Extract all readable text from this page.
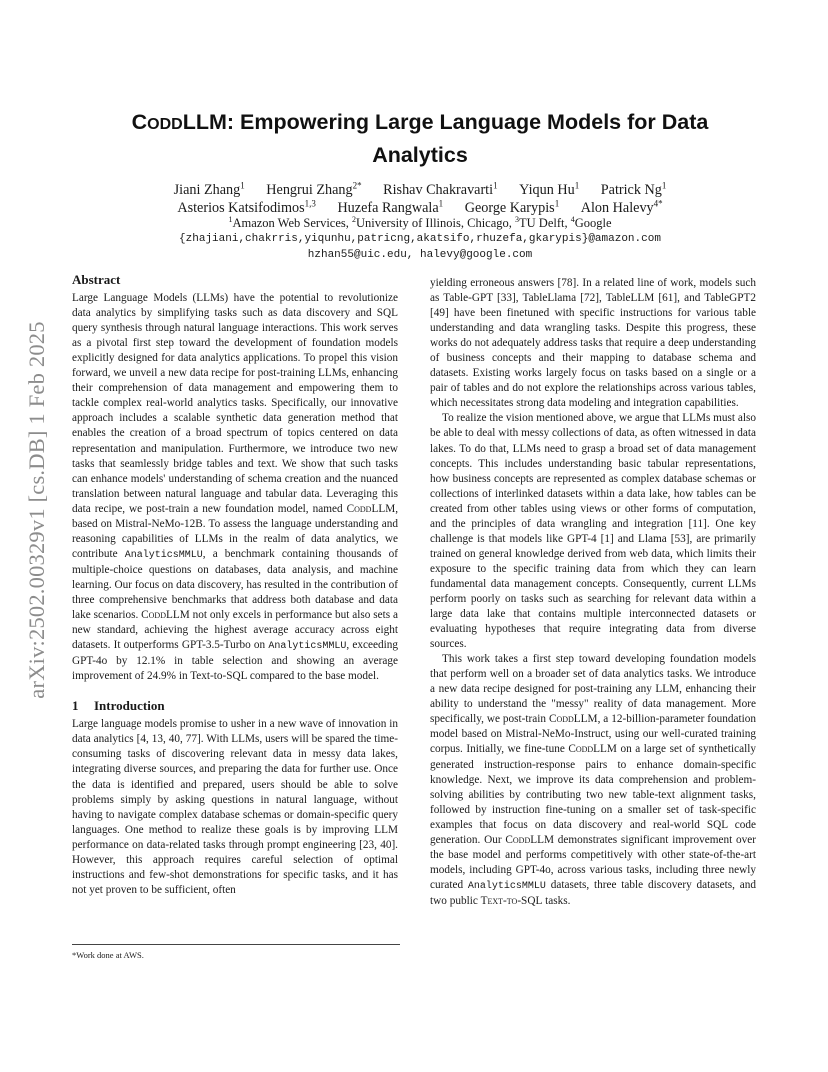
arXiv:2502.00329v1 [cs.DB] 1 Feb 2025
CODDLLM: Empowering Large Language Models for Data
Analytics
Jiani Zhang$^1$ Hengrui Zhang$^{2*}$ Rishav Chakravarti$^1$ Yiqun Hu$^1$ Patrick Ng$^1$
Asterios Katsifodimos$^{1,3}$ Huzefa Rangwala$^1$ George Karypis$^1$ Alon Halevy$^{4*}$
$^1$Amazon Web Services, $^2$University of Illinois, Chicago, $^3$TU Delft, $^4$Google
{zhajiani,chakrris,yiqunhu,patricng,akatsifo,rhuzefa,gkarypis}@amazon.com
hzhan55@uic.edu, halevy@google.com
Abstract

Large Language Models (LLMs) have the potential to revolutionize data analytics by simplifying tasks such as data discovery and SQL query synthesis through natural language interactions. This work serves as a pivotal first step toward the development of foundation models explicitly designed for data analytics applications. To propel this vision forward, we unveil a new data recipe for post-training LLMs, enhancing their comprehension of data management and empowering them to tackle complex real-world analytics tasks. Specifically, our innovative approach includes a scalable synthetic data generation method that enables the creation of a broad spectrum of topics centered on data representation and manipulation. Furthermore, we introduce two new tasks that seamlessly bridge tables and text. We show that such tasks can enhance models' understanding of schema creation and the nuanced translation between natural language and tabular data. Leveraging this data recipe, we post-train a new foundation model, named CoddLLM, based on Mistral-NeMo-12B. To assess the language understanding and reasoning capabilities of LLMs in the realm of data analytics, we contribute AnalyticsMMLU, a benchmark containing thousands of multiple-choice questions on databases, data analysis, and machine learning. Our focus on data discovery, has resulted in the contribution of three comprehensive benchmarks that address both database and data lake scenarios. CoddLLM not only excels in performance but also sets a new standard, achieving the highest average accuracy across eight datasets. It outperforms GPT-3.5-Turbo on AnalyticsMMLU, exceeding GPT-4o by 12.1% in table selection and showing an average improvement of 24.9% in Text-to-SQL compared to the base model.

1 Introduction

Large language models promise to usher in a new wave of innovation in data analytics [4, 13, 40, 77]. With LLMs, users will be spared the time-consuming tasks of discovering relevant data in messy data lakes, integrating diverse sources, and preparing the data for further use. Once the data is identified and prepared, users should be able to solve problems simply by asking questions in natural language, without having to navigate complex database schemas or domain-specific query languages. One method to realize these goals is by improving LLM performance on data-related tasks through prompt engineering [23, 40]. However, this approach requires careful selection of optimal instructions and few-shot demonstrations for specific tasks, and it has not yet proven to be sufficient, often

yielding erroneous answers [78]. In a related line of work, models such as Table-GPT [33], TableLlama [72], TableLLM [61], and TableGPT2 [49] have been finetuned with specific instructions for various table understanding and data wrangling tasks. Despite this progress, these works do not adequately address tasks that require a deep understanding of business concepts and their mapping to database schema and datasets. Existing works largely focus on tasks based on a single or a pair of tables and do not explore the relationships across various tables, which necessitates strong data modeling and integration capabilities.

To realize the vision mentioned above, we argue that LLMs must also be able to deal with messy collections of data, as often witnessed in data lakes. To do that, LLMs need to grasp a broad set of data management concepts. This includes understanding basic tabular representations, how business concepts are represented as complex database schemas or collections of interlinked datasets within a data lake, how tables can be created from other tables using views or other forms of computation, and the principles of data wrangling and integration [11]. One key challenge is that models like GPT-4 [1] and Llama [53], are primarily trained on general knowledge derived from web data, which limits their exposure to the specific training data from which they can learn fundamental data management concepts. Consequently, current LLMs perform poorly on tasks such as searching for relevant data within a large data lake that contains multiple interconnected datasets or evaluating hypotheses that require integrating data from diverse sources.

This work takes a first step toward developing foundation models that perform well on a broader set of data analytics tasks. We introduce a new data recipe designed for post-training any LLM, enhancing their ability to understand the "messy" reality of data management. More specifically, we post-train CoddLLM, a 12-billion-parameter foundation model based on Mistral-NeMo-Instruct, using our well-curated training corpus. Initially, we fine-tune CoddLLM on a large set of synthetically generated instruction-response pairs to enhance domain-specific knowledge. Next, we improve its data comprehension and problem-solving abilities by contributing two new table-text alignment tasks, followed by instruction fine-tuning on a smaller set of task-specific examples that focus on data discovery and real-world SQL code generation. Our CoddLLM demonstrates significant improvement over the base model and performs competitively with other state-of-the-art models, including GPT-4o, across various tasks, including three newly curated AnalyticsMMLU datasets, three table discovery datasets, and two public Text-to-SQL tasks.

*Work done at AWS.
